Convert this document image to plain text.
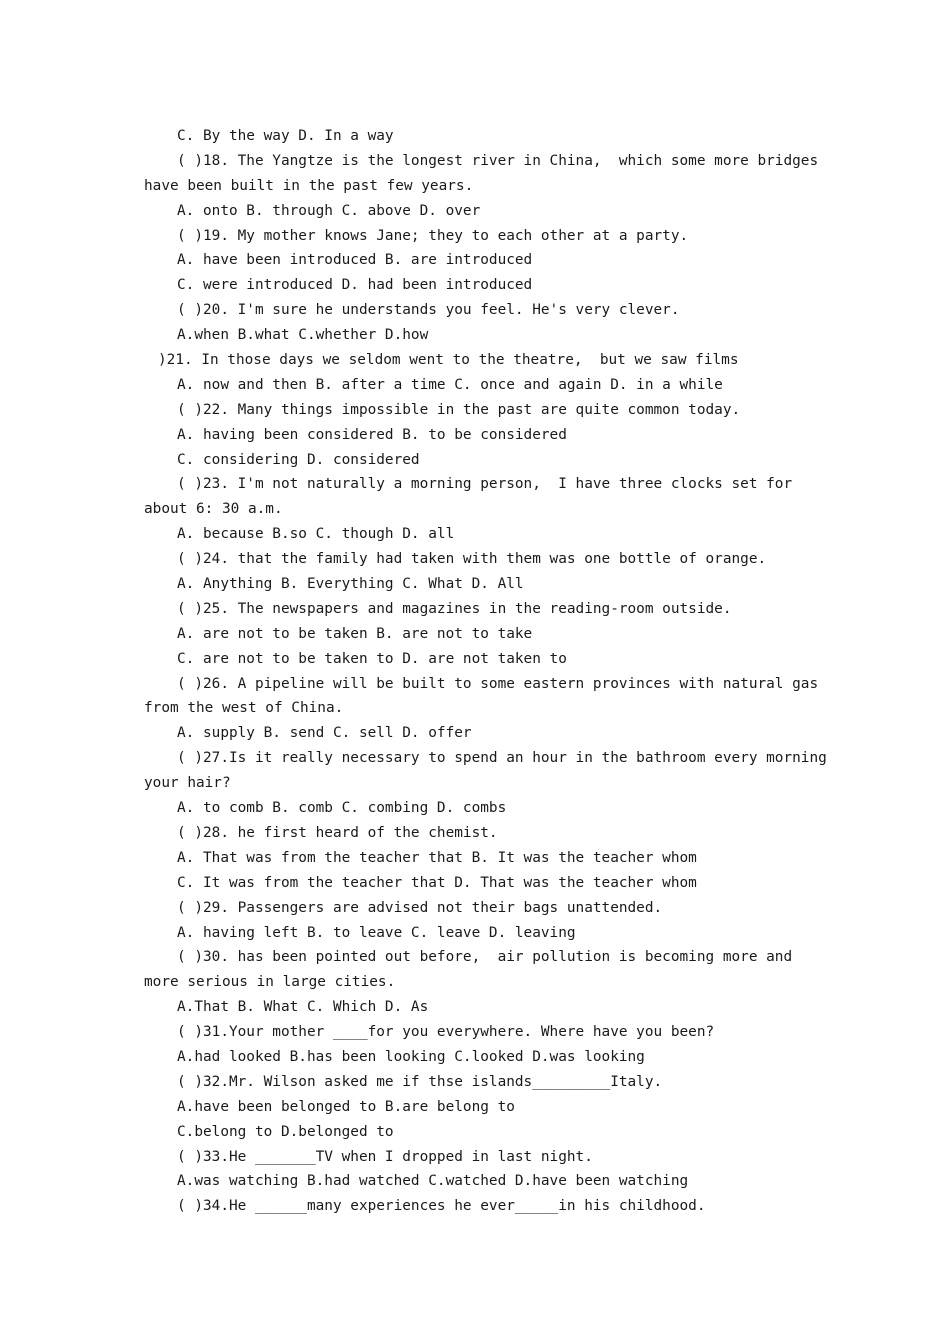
C. By the way D. In a way
( )18. The Yangtze is the longest river in China,  which some more bridges
have been built in the past few years.
A. onto B. through C. above D. over
( )19. My mother knows Jane; they to each other at a party.
A. have been introduced B. are introduced
C. were introduced D. had been introduced
( )20. I'm sure he understands you feel. He's very clever.
A.when B.what C.whether D.how
)21. In those days we seldom went to the theatre,  but we saw films
A. now and then B. after a time C. once and again D. in a while
( )22. Many things impossible in the past are quite common today.
A. having been considered B. to be considered
C. considering D. considered
( )23. I'm not naturally a morning person,  I have three clocks set for
about 6: 30 a.m.
A. because B.so C. though D. all
( )24. that the family had taken with them was one bottle of orange.
A. Anything B. Everything C. What D. All
( )25. The newspapers and magazines in the reading-room outside.
A. are not to be taken B. are not to take
C. are not to be taken to D. are not taken to
( )26. A pipeline will be built to some eastern provinces with natural gas
from the west of China.
A. supply B. send C. sell D. offer
( )27.Is it really necessary to spend an hour in the bathroom every morning
your hair?
A. to comb B. comb C. combing D. combs
( )28. he first heard of the chemist.
A. That was from the teacher that B. It was the teacher whom
C. It was from the teacher that D. That was the teacher whom
( )29. Passengers are advised not their bags unattended.
A. having left B. to leave C. leave D. leaving
( )30. has been pointed out before,  air pollution is becoming more and
more serious in large cities.
A.That B. What C. Which D. As
( )31.Your mother ____for you everywhere. Where have you been?
A.had looked B.has been looking C.looked D.was looking
( )32.Mr. Wilson asked me if thse islands_________Italy.
A.have been belonged to B.are belong to
C.belong to D.belonged to
( )33.He _______TV when I dropped in last night.
A.was watching B.had watched C.watched D.have been watching
( )34.He ______many experiences he ever_____in his childhood.
